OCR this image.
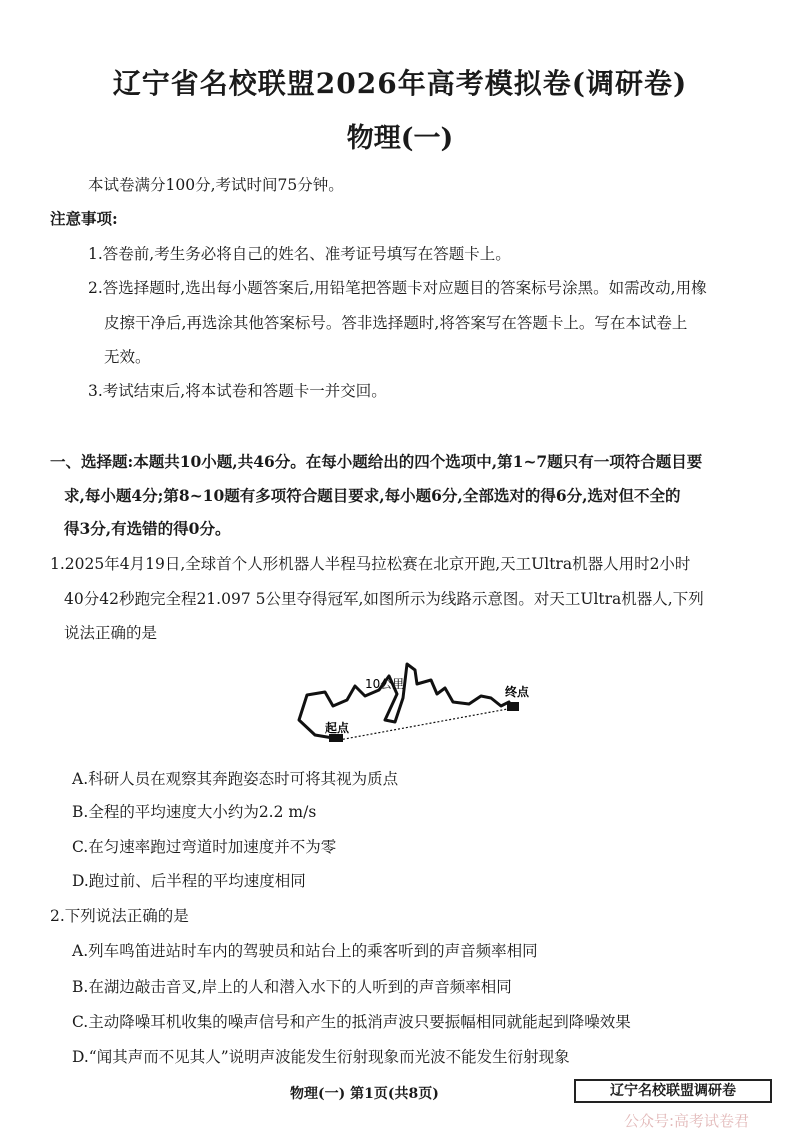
辽宁省名校联盟2026年高考模拟卷(调研卷)
物理(一)
本试卷满分100分,考试时间75分钟。
注意事项:
1.答卷前,考生务必将自己的姓名、准考证号填写在答题卡上。
2.答选择题时,选出每小题答案后,用铅笔把答题卡对应题目的答案标号涂黑。如需改动,用橡
皮擦干净后,再选涂其他答案标号。答非选择题时,将答案写在答题卡上。写在本试卷上
无效。
3.考试结束后,将本试卷和答题卡一并交回。
一、选择题:本题共10小题,共46分。在每小题给出的四个选项中,第1~7题只有一项符合题目要
求,每小题4分;第8~10题有多项符合题目要求,每小题6分,全部选对的得6分,选对但不全的
得3分,有选错的得0分。
1.2025年4月19日,全球首个人形机器人半程马拉松赛在北京开跑,天工Ultra机器人用时2小时
40分42秒跑完全程21.097 5公里夺得冠军,如图所示为线路示意图。对天工Ultra机器人,下列
说法正确的是
10公里
起点
终点
A.科研人员在观察其奔跑姿态时可将其视为质点
B.全程的平均速度大小约为2.2 m/s
C.在匀速率跑过弯道时加速度并不为零
D.跑过前、后半程的平均速度相同
2.下列说法正确的是
A.列车鸣笛进站时车内的驾驶员和站台上的乘客听到的声音频率相同
B.在湖边敲击音叉,岸上的人和潜入水下的人听到的声音频率相同
C.主动降噪耳机收集的噪声信号和产生的抵消声波只要振幅相同就能起到降噪效果
D.“闻其声而不见其人”说明声波能发生衍射现象而光波不能发生衍射现象
物理(一) 第1页(共8页)	辽宁名校联盟调研卷
公众号:高考试卷君
